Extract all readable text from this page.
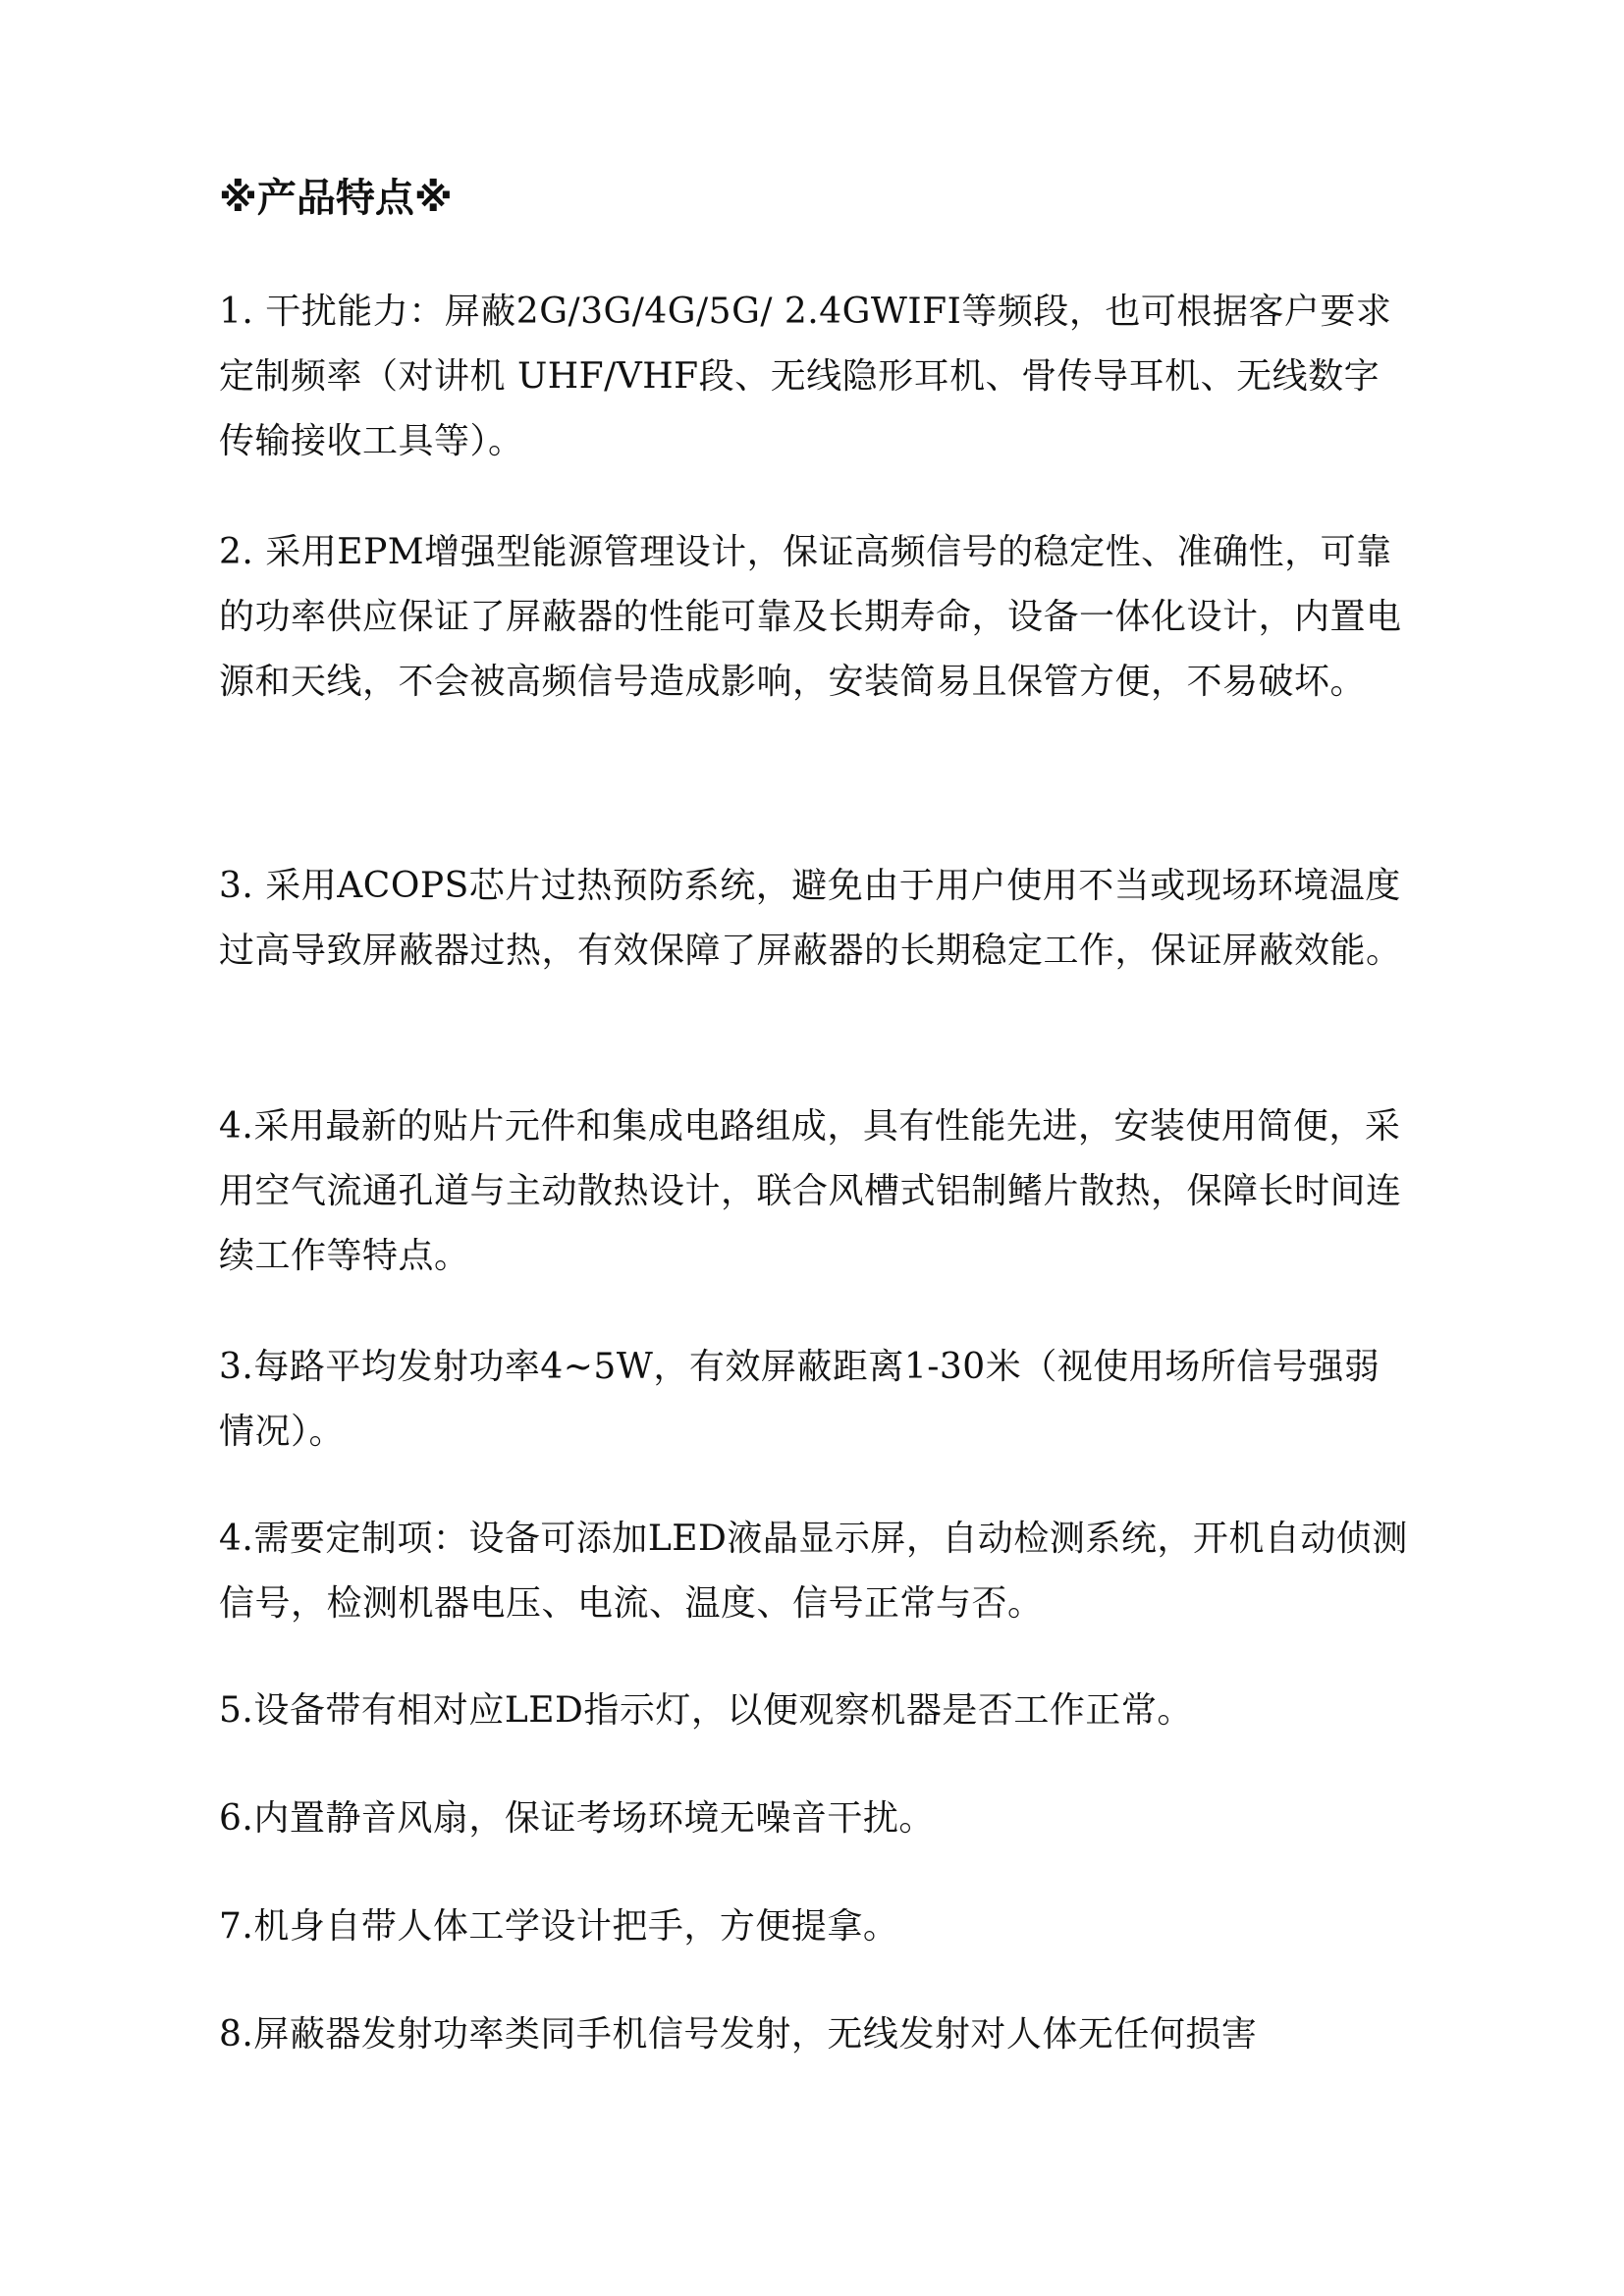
※产品特点※

1. 干扰能力：屏蔽2G/3G/4G/5G/ 2.4GWIFI等频段，也可根据客户要求定制频率（对讲机 UHF/VHF段、无线隐形耳机、骨传导耳机、无线数字传输接收工具等）。

2. 采用EPM增强型能源管理设计，保证高频信号的稳定性、准确性，可靠的功率供应保证了屏蔽器的性能可靠及长期寿命，设备一体化设计，内置电源和天线，不会被高频信号造成影响，安装简易且保管方便，不易破坏。

3. 采用ACOPS芯片过热预防系统，避免由于用户使用不当或现场环境温度过高导致屏蔽器过热，有效保障了屏蔽器的长期稳定工作，保证屏蔽效能。

4.采用最新的贴片元件和集成电路组成，具有性能先进，安装使用简便，采用空气流通孔道与主动散热设计，联合风槽式铝制鳍片散热，保障长时间连续工作等特点。

3.每路平均发射功率4~5W，有效屏蔽距离1-30米（视使用场所信号强弱情况）。

4.需要定制项：设备可添加LED液晶显示屏，自动检测系统，开机自动侦测信号，检测机器电压、电流、温度、信号正常与否。

5.设备带有相对应LED指示灯，以便观察机器是否工作正常。

6.内置静音风扇，保证考场环境无噪音干扰。

7.机身自带人体工学设计把手，方便提拿。

8.屏蔽器发射功率类同手机信号发射，无线发射对人体无任何损害
